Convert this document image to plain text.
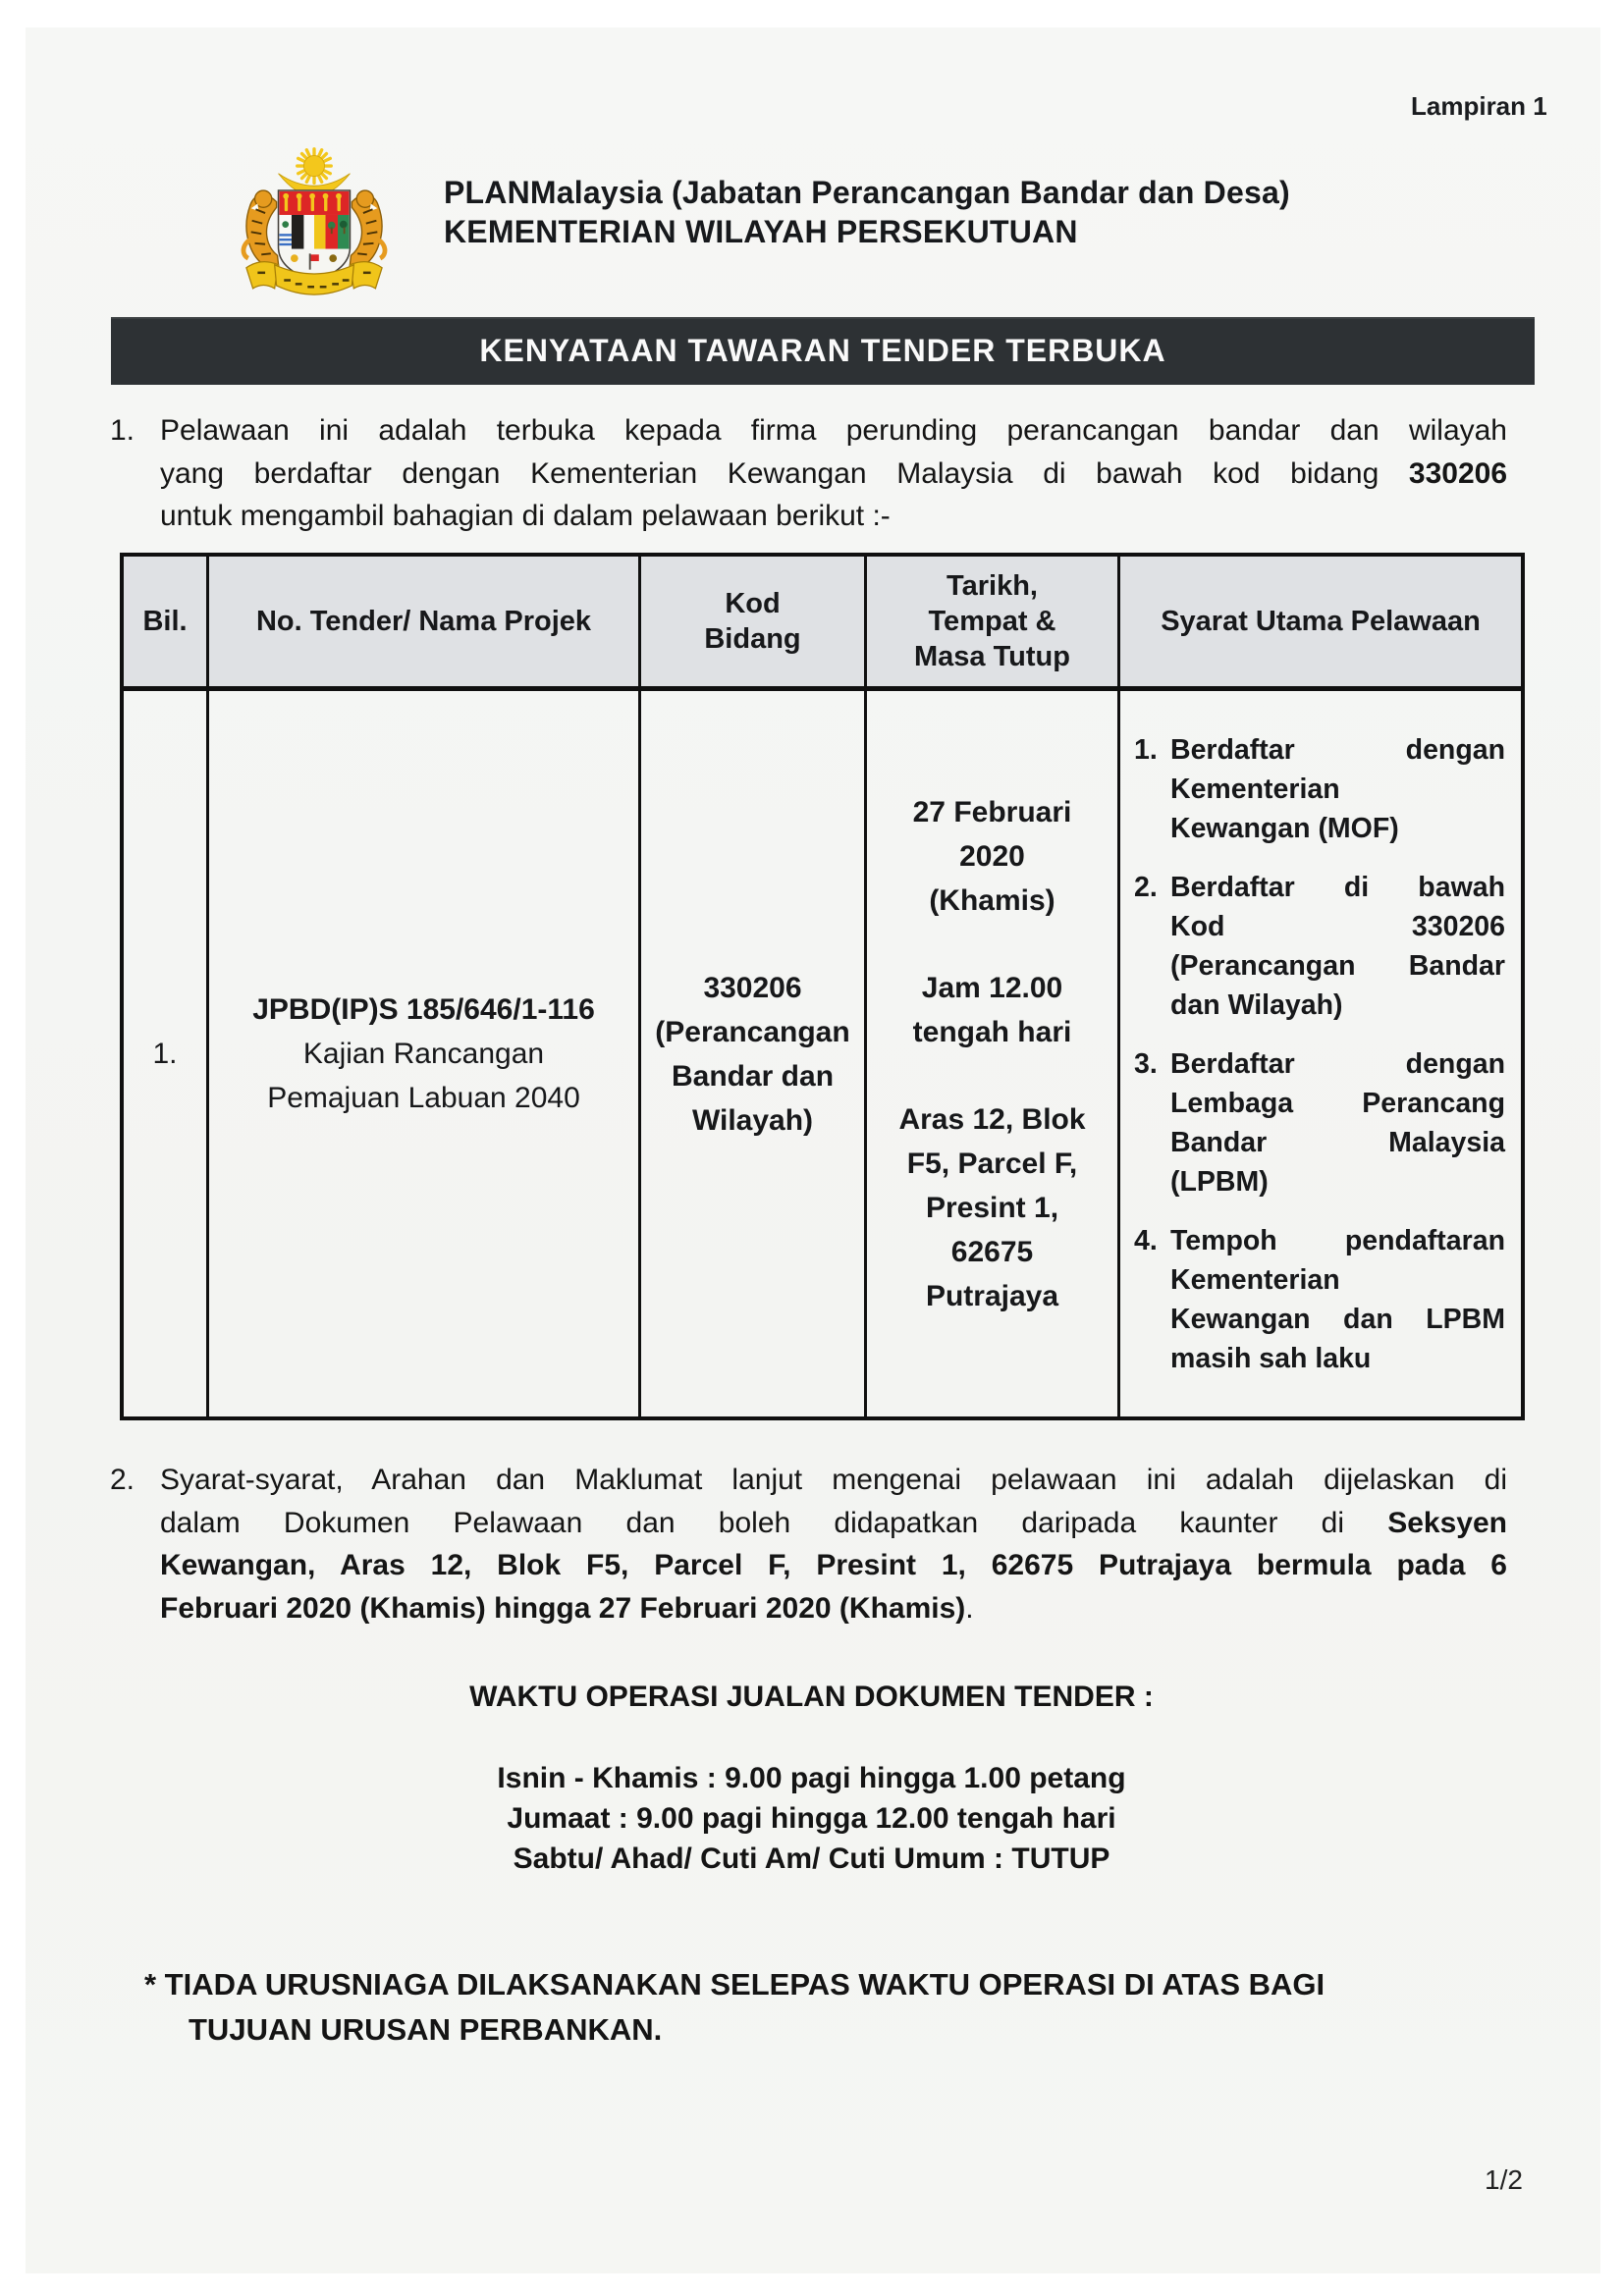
Lampiran 1
PLANMalaysia (Jabatan Perancangan Bandar dan Desa)
KEMENTERIAN WILAYAH PERSEKUTUAN
KENYATAAN TAWARAN TENDER TERBUKA
1. Pelawaan ini adalah terbuka kepada firma perunding perancangan bandar dan wilayah
yang berdaftar dengan Kementerian Kewangan Malaysia di bawah kod bidang 330206
untuk mengambil bahagian di dalam pelawaan berikut :-
Bil.	No. Tender/ Nama Projek
Kod
Bidang
Tarikh,
Tempat &
Masa Tutup
Syarat Utama Pelawaan
1.
JPBD(IP)S 185/646/1-116
Kajian Rancangan
Pemajuan Labuan 2040
330206
(Perancangan
Bandar dan
Wilayah)
27 Februari
2020
(Khamis)
Jam 12.00
tengah hari
Aras 12, Blok
F5, Parcel F,
Presint 1,
62675
Putrajaya
1. Berdaftar dengan
Kementerian
Kewangan (MOF)
2. Berdaftar di bawah
Kod 330206
(Perancangan Bandar
dan Wilayah)
3. Berdaftar dengan
Lembaga Perancang
Bandar Malaysia
(LPBM)
4. Tempoh pendaftaran
Kementerian
Kewangan dan LPBM
masih sah laku
2. Syarat-syarat, Arahan dan Maklumat lanjut mengenai pelawaan ini adalah dijelaskan di
dalam Dokumen Pelawaan dan boleh didapatkan daripada kaunter di Seksyen
Kewangan, Aras 12, Blok F5, Parcel F, Presint 1, 62675 Putrajaya bermula pada 6
Februari 2020 (Khamis) hingga 27 Februari 2020 (Khamis).
WAKTU OPERASI JUALAN DOKUMEN TENDER :
Isnin - Khamis : 9.00 pagi hingga 1.00 petang
Jumaat : 9.00 pagi hingga 12.00 tengah hari
Sabtu/ Ahad/ Cuti Am/ Cuti Umum : TUTUP
* TIADA URUSNIAGA DILAKSANAKAN SELEPAS WAKTU OPERASI DI ATAS BAGI
TUJUAN URUSAN PERBANKAN.
1/2
